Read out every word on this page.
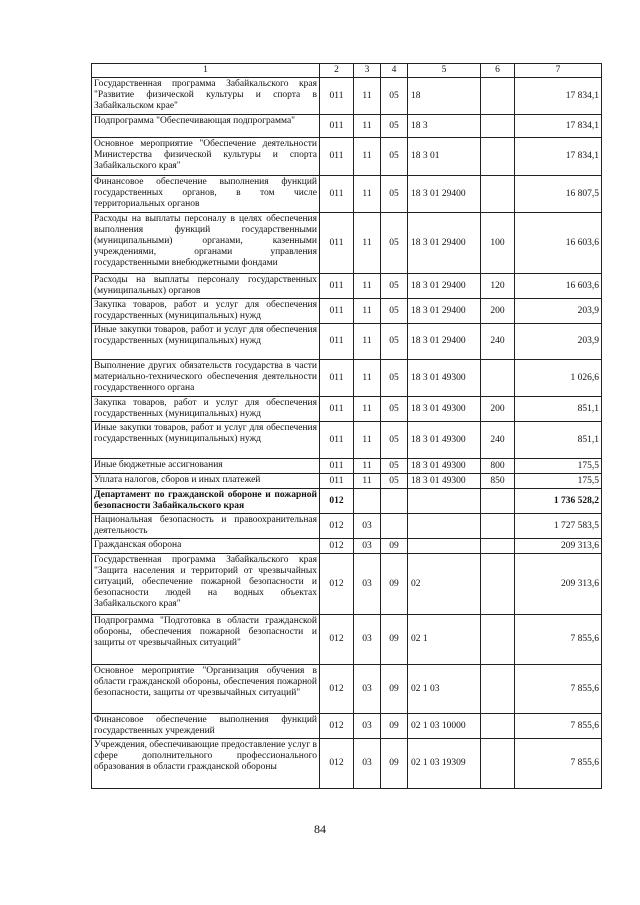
1	2	3	4	5	6	7
Государственная программа Забайкальского края "Развитие физической культуры и спорта в Забайкальском крае"	011	11	05	18		17 834,1
Подпрограмма "Обеспечивающая подпрограмма"	011	11	05	18 3		17 834,1
Основное мероприятие "Обеспечение деятельности Министерства физической культуры и спорта Забайкальского края"	011	11	05	18 3 01		17 834,1
Финансовое обеспечение выполнения функций государственных органов, в том числе территориальных органов	011	11	05	18 3 01 29400		16 807,5
Расходы на выплаты персоналу в целях обеспечения выполнения функций государственными (муниципальными) органами, казенными учреждениями, органами управления государственными внебюджетными фондами	011	11	05	18 3 01 29400	100	16 603,6
Расходы на выплаты персоналу государственных (муниципальных) органов	011	11	05	18 3 01 29400	120	16 603,6
Закупка товаров, работ и услуг для обеспечения государственных (муниципальных) нужд	011	11	05	18 3 01 29400	200	203,9
Иные закупки товаров, работ и услуг для обеспечения государственных (муниципальных) нужд	011	11	05	18 3 01 29400	240	203,9
Выполнение других обязательств государства в части материально-технического обеспечения деятельности государственного органа	011	11	05	18 3 01 49300		1 026,6
Закупка товаров, работ и услуг для обеспечения государственных (муниципальных) нужд	011	11	05	18 3 01 49300	200	851,1
Иные закупки товаров, работ и услуг для обеспечения государственных (муниципальных) нужд	011	11	05	18 3 01 49300	240	851,1
Иные бюджетные ассигнования	011	11	05	18 3 01 49300	800	175,5
Уплата налогов, сборов и иных платежей	011	11	05	18 3 01 49300	850	175,5
Департамент по гражданской обороне и пожарной безопасности Забайкальского края	012					1 736 528,2
Национальная безопасность и правоохранительная деятельность	012	03				1 727 583,5
Гражданская оборона	012	03	09			209 313,6
Государственная программа Забайкальского края "Защита населения и территорий от чрезвычайных ситуаций, обеспечение пожарной безопасности и безопасности людей на водных объектах Забайкальского края"	012	03	09	02		209 313,6
Подпрограмма "Подготовка в области гражданской обороны, обеспечения пожарной безопасности и защиты от чрезвычайных ситуаций"	012	03	09	02 1		7 855,6
Основное мероприятие "Организация обучения в области гражданской обороны, обеспечения пожарной безопасности, защиты от чрезвычайных ситуаций"	012	03	09	02 1 03		7 855,6
Финансовое обеспечение выполнения функций государственных учреждений	012	03	09	02 1 03 10000		7 855,6
Учреждения, обеспечивающие предоставление услуг в сфере дополнительного профессионального образования в области гражданской обороны	012	03	09	02 1 03 19309		7 855,6
84
